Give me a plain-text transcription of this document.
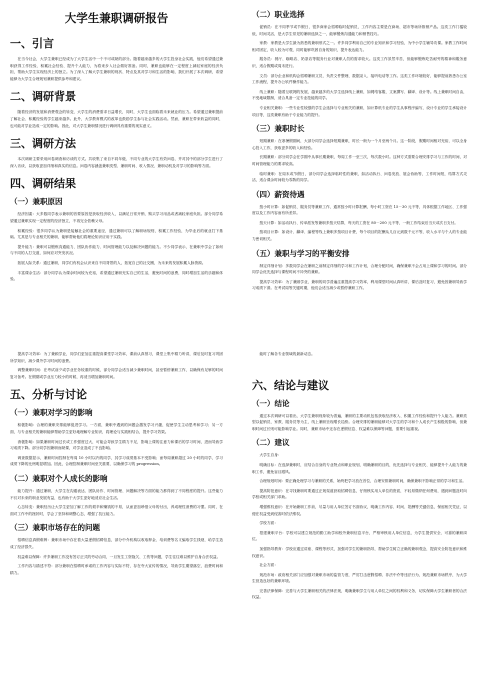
大学生兼职调研报告
一、引言

在当今社会，大学生兼职已经成为了大学生活中一个不可或缺的部分。随着越来越多的大学生投身社会实践，他们希望通过兼职获得工作经验、积累社会经验、提升个人能力，为将来步入社会做好准备。同时，兼职也能够在一定程度上减轻家庭的经济负担，帮助大学生实现经济上的独立。为了深入了解大学生兼职的现状、特点及其对学习和生活的影响，我们开展了本次调研，希望能够为大学生合理规划兼职提供参考和建议。

二、调研背景

随着经济的发展和消费观念的转变，大学生的消费需求日益增长，同时，大学生也面临着未来就业的压力。希望通过兼职提前了解社会、积累经验的学生越来越多。此外，大学教育模式的改革也鼓励学生参与社会实践活动。然而，兼职在带来收益的同时，也可能对学业造成一定的影响。因此，对大学生兼职情况进行调研具有重要的现实意义。

三、调研方法

本次调研主要采用问卷调查和访谈的方式。共收集了来自不同年级、不同专业的大学生有效问卷，并对其中的部分学生进行了深入访谈，以获取更加详细和真实的信息。问卷内容涵盖兼职类型、兼职时间、收入情况、兼职动机及对学习的影响等方面。

四、调研结果
（一）兼职原因

经济因素：大多数同学表示兼职的首要原因是获取经济收入，以满足日常开销、购买学习用品或者减轻家庭负担。部分同学希望通过兼职实现一定程度的经济独立，不再完全依赖父母。

积累经验：很多同学认为兼职是接触社会的重要途径，通过兼职可以了解职场规则，积累工作经验，为毕业后的就业打下基础。尤其是与专业相关的兼职，能够帮助他们将理论知识应用于实践。

提升能力：兼职可以锻炼沟通能力、团队协作能力、时间管理能力以及解决问题的能力。不少同学表示，在兼职中学会了如何与不同的人打交道，如何应对突发状况。

拓展人际关系：通过兼职，同学们有机会认识来自不同背景的人，拓宽自己的社交圈，为未来的发展积累人脉资源。

丰富课余生活：部分同学认为课余时间较为充裕，希望通过兼职充实自己的生活，避免时间的浪费，同时增加生活的乐趣和体验。

（二）职业选择

促销员：在不同季节或节假日，很多商家会招聘临时促销员，工作内容主要是在商场、超市等场所推销产品。这类工作门槛较低，时间灵活，是大学生常见的兼职选择之一，能够锻炼沟通能力和销售技巧。

家教：家教是大学生最为熟悉的兼职形式之一。许多同学利用自己的专业知识和学习经验，为中小学生辅导功课。家教工作时间相对固定，收入较为可观，同时能够巩固自身的知识，提升表达能力。

服务员：餐厅、咖啡店、奶茶店等服务行业对兼职人员的需求较大。这类工作虽然辛苦，但能够锻炼吃苦耐劳的精神和服务意识，适合假期或周末进行。

文员：部分企业和机构会招聘兼职文员，负责文件整理、数据录入、接听电话等工作。这类工作环境较好，能够提前熟悉办公室工作流程，提升办公软件操作能力。

线上兼职：随着互联网的发展，越来越多的大学生选择线上兼职，如网络客服、文案撰写、翻译、设计等。线上兼职时间自由，不受地域限制，适合具备一定专业技能的同学。

专业相关兼职：一些专业性较强的学生会选择与专业相关的兼职，如计算机专业的学生从事程序编写，设计专业的学生承接设计项目等，这类兼职有助于专业能力的提升。

（三）兼职时长

短期兼职：在寒暑假期间，大部分同学会选择短期兼职，时长一般为一个月至两个月。这一阶段，假期时间相对充裕，可以全身心投入工作，获取更多的收入和经验。

长期兼职：部分同学会在学期中从事长期兼职，每周工作一至三次，每次数小时。这种方式需要合理安排学习与工作的时间，对时间管理能力的要求较高。

临时兼职：在周末或节假日，部分同学会选择临时性的兼职，如活动执行、问卷发放、展会协助等，工作时间短，结算方式灵活，适合课余时间较为零散的同学。

（四）薪资待遇

按小时计算：如促销员、服务员等兼职工作，通常按小时计算报酬，每小时工资在 15－30 元不等，具体根据工作地区、工作强度以及工作内容而有所差异。

按天计算：如活动执行、传单派发等兼职多按天结算，每天的工资在 80－200 元不等，一般工作结束后当天或次日支付。

按项目计算：如设计、翻译、编程等线上兼职多按项目计费，每个项目的报酬从几百元到数千元不等，收入水平与个人的专业能力密切相关。

（五）兼职与学习的平衡安排

制定详细计划：多数同学会在兼职之前制定详细的学习和工作计划，合理分配时间，确保兼职不会占用上课和学习的时间。部分同学会优先选择与课程时间不冲突的兼职。

提高学习效率：为了兼顾学业，兼职的同学普遍注重提高学习效率，利用课堂时间认真听讲，课后及时复习，避免因兼职导致学习成绩下滑。在考试周等关键时期，他们会适当减少或暂停兼职工作。

提高学习效率：为了兼顾学业，同学们更加注重提高课堂学习效率，课前认真预习，课堂上集中精力听讲，课后及时复习巩固所学知识，减少课外学习时间的浪费。

调整兼职时间：在考试前夕或学业任务较重的时候，部分同学会适当减少兼职时间，甚至暂停兼职工作，以确保有足够的时间复习备考。在假期或学业压力较小的时候，再适当增加兼职时间。

五、分析与讨论
（一）兼职对学习的影响

积极影响：合理的兼职安排能够促进学习。一方面，兼职中遇到的问题会激发学习兴趣，促使学生主动思考和学习；另一方面，与专业相关的兼职能够帮助学生更好地理解专业知识，将理论与实践相结合，提升学习效果。

消极影响：如果兼职时间过长或工作强度过大，可能会导致学生精力不足，影响上课的注意力和课后的学习时间，进而导致学习成绩下降。部分同学因兼职而缺课，对学业造成了不良影响。

调查数据显示，兼职时间控制在每周 10 小时以内的同学，其学习成绩基本不受影响；而每周兼职超过 20 小时的同学，学习成绩下降的比例明显增加。因此，合理控制兼职时间至关重要，以确保学习的 progression。

（二）兼职对个人成长的影响

能力提升：通过兼职，大学生在沟通表达、团队协作、时间管理、问题解决等方面的能力都得到了不同程度的提升。这些能力不仅对未来的职业发展有益，也有助于大学生更好地适应社会生活。

心态转变：兼职经历让大学生更加了解工作的艰辛和赚钱的不易，从而更加珍惜父母的付出，养成理性消费的习惯。同时，在面对工作中的挫折时，学会了坚持和调整心态，增强了抗压能力。

（三）兼职市场存在的问题

招聘信息真假难辨：兼职市场中存在着大量虚假招聘信息，部分中介机构以收取押金、培训费等名义骗取学生钱财，给学生造成了经济损失。

权益难以保障：许多兼职工作没有签订正式的劳动合同，一旦发生工资拖欠、工伤等问题，学生往往难以维护自身合法权益。

工作内容与描述不符：部分兼职在招聘时承诺的工作内容与实际不符，存在夸大宣传的情况，导致学生期望落空，浪费时间和精力。

能时了解各专业领域的最新动态。

六、结论与建议
（一）结论

通过本次调研可以看出，大学生兼职现象较为普遍，兼职的主要动机包括获取经济收入、积累工作经验和提升个人能力。兼职类型以促销员、家教、服务员等为主，线上兼职呈现增长趋势。合理安排的兼职能够对大学生的学习和个人成长产生积极的影响，但兼职时间过长则可能影响学业。同时，兼职市场中还存在虚假信息、权益难以保障等问题，需要引起重视。

（二）建议

大学生自身：

明确目标：在选择兼职时，应结合自身的专业特点和职业规划，明确兼职的目的，优先选择与专业相关、能够提升个人能力的兼职工作，避免盲目跟风。

合理规划时间：要正确处理学习与兼职的关系，始终把学习放在首位，合理安排兼职时间，确保兼职不影响正常的学习和生活。

提高防范意识：在寻找兼职时要通过正规渠道获取招聘信息，仔细核实用人单位的资质，不轻易缴纳任何费用，遇到问题及时向学校或相关部门求助。

增强维权意识：在开始兼职工作前，尽量与用人单位签订书面协议，明确工作内容、时间、报酬等关键信息，保留相关凭证，以便在权益受到侵害时依法维权。

学校方面：

搭建兼职平台：学校可以建立规范的勤工助学和校外兼职信息平台，严格审核用人单位信息，为学生提供安全、可靠的兼职岗位。

加强指导教育：学校应通过讲座、课程等形式，加强对学生的兼职指导，帮助学生树立正确的兼职观念，提高安全防范意识和维权意识。

社会方面：

规范市场：政府相关部门应加强对兼职市场的监管力度，严厉打击虚假招聘、非法中介等违法行为，规范兼职市场秩序，为大学生营造良好的兼职环境。

完善法律保障：完善与大学生兼职相关的法律法规，明确兼职学生与用人单位之间的权利和义务，切实保障大学生兼职者的合法权益。
